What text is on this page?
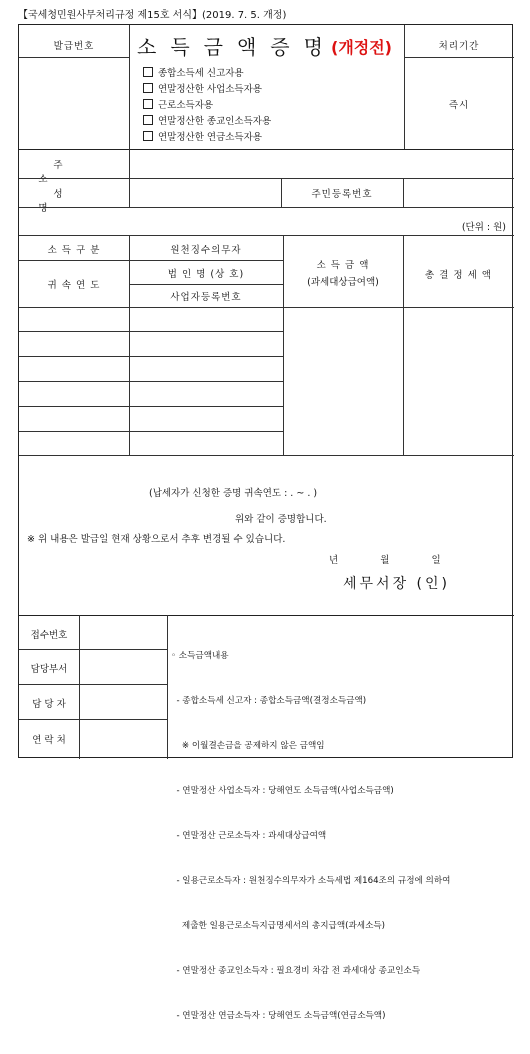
【국세청민원사무처리규정 제15호 서식】(2019. 7. 5. 개정)
발급번호	소득금액증명
(개정전)
종합소득세 신고자용
연말정산한 사업소득자용
근로소득자용
연말정산한 종교인소득자용
연말정산한 연금소득자용
처리기간
즉시
주 소
성 명
주민등록번호
(단위 : 원)
소 득 구 분
귀 속 연 도
원천징수의무자
법 인 명 (상 호)
사업자등록번호
소 득 금 액
(과세대상급여액)
총 결 정 세 액
(납세자가 신청한 증명 귀속연도 : . ~ . )
위와 같이 증명합니다.
※ 위 내용은 발급일 현재 상황으로서 추후 변경될 수 있습니다.
년    월    일
세무서장 (인)
접수번호
담당부서
담 당 자
연 락 처

◦ 소득금액내용

- 종합소득세 신고자 : 종합소득금액(결정소득금액)

※ 이월결손금을 공제하지 않은 금액임

- 연말정산 사업소득자 : 당해연도 소득금액(사업소득금액)

- 연말정산 근로소득자 : 과세대상급여액

- 일용근로소득자 : 원천징수의무자가 소득세법 제164조의 규정에 의하여

제출한 일용근로소득지급명세서의 총지급액(과세소득)

- 연말정산 종교인소득자 : 필요경비 차감 전 과세대상 종교인소득

- 연말정산 연금소득자 : 당해연도 소득금액(연금소득액)
